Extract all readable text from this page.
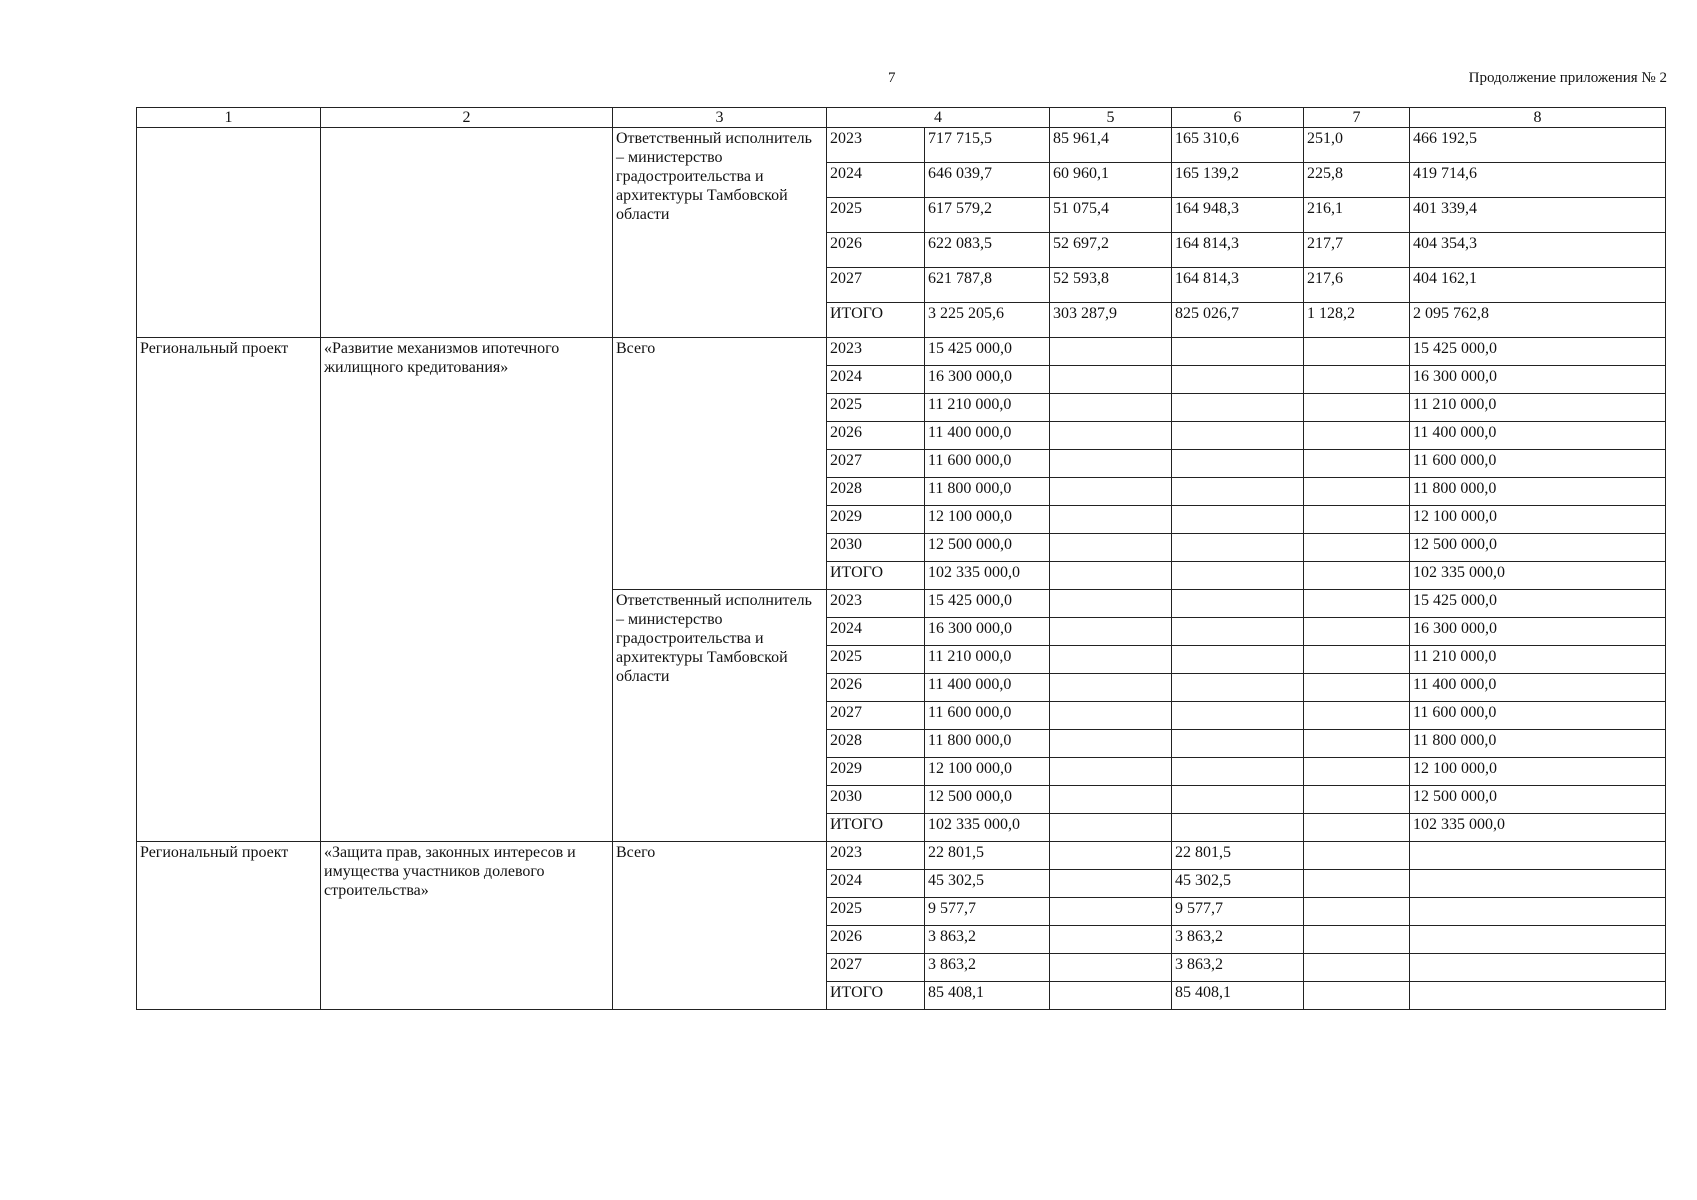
7	Продолжение приложения № 2
1	2	3	4		5	6	7	8
		Ответственный исполнитель – министерство градостроительства и архитектуры Тамбовской области	2023	717 715,5	85 961,4	165 310,6	251,0	466 192,5
			2024	646 039,7	60 960,1	165 139,2	225,8	419 714,6
			2025	617 579,2	51 075,4	164 948,3	216,1	401 339,4
			2026	622 083,5	52 697,2	164 814,3	217,7	404 354,3
			2027	621 787,8	52 593,8	164 814,3	217,6	404 162,1
			ИТОГО	3 225 205,6	303 287,9	825 026,7	1 128,2	2 095 762,8
Региональный проект	«Развитие механизмов ипотечного жилищного кредитования»	Всего	2023	15 425 000,0				15 425 000,0
			2024	16 300 000,0				16 300 000,0
			2025	11 210 000,0				11 210 000,0
			2026	11 400 000,0				11 400 000,0
			2027	11 600 000,0				11 600 000,0
			2028	11 800 000,0				11 800 000,0
			2029	12 100 000,0				12 100 000,0
			2030	12 500 000,0				12 500 000,0
			ИТОГО	102 335 000,0				102 335 000,0
		Ответственный исполнитель – министерство градостроительства и архитектуры Тамбовской области	2023	15 425 000,0				15 425 000,0
			2024	16 300 000,0				16 300 000,0
			2025	11 210 000,0				11 210 000,0
			2026	11 400 000,0				11 400 000,0
			2027	11 600 000,0				11 600 000,0
			2028	11 800 000,0				11 800 000,0
			2029	12 100 000,0				12 100 000,0
			2030	12 500 000,0				12 500 000,0
			ИТОГО	102 335 000,0				102 335 000,0
Региональный проект	«Защита прав, законных интересов и имущества участников долевого строительства»	Всего	2023	22 801,5		22 801,5		
			2024	45 302,5		45 302,5		
			2025	9 577,7		9 577,7		
			2026	3 863,2		3 863,2		
			2027	3 863,2		3 863,2		
			ИТОГО	85 408,1		85 408,1		
